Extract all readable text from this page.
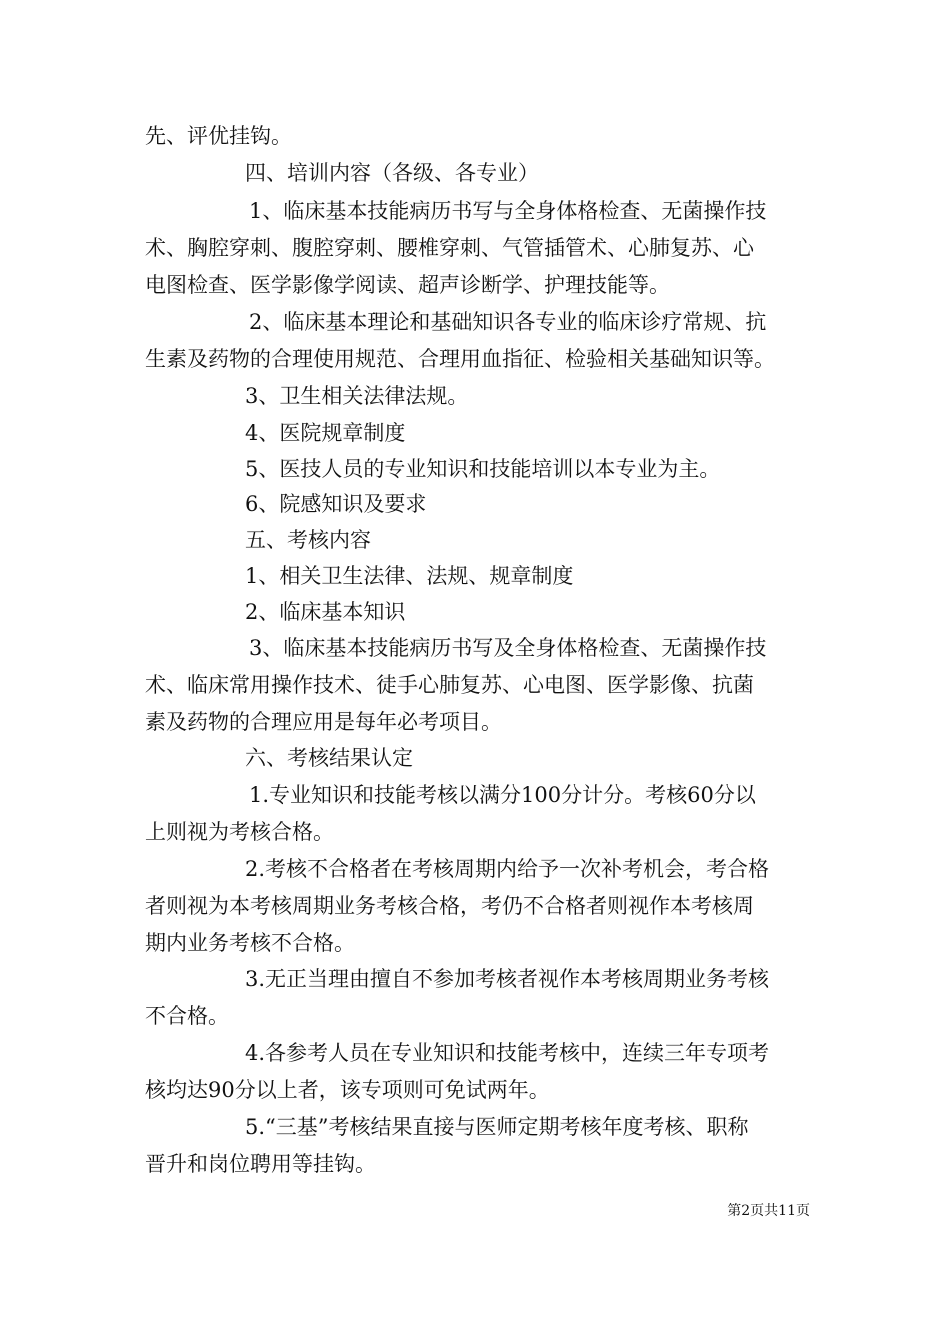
先、评优挂钩。
四、培训内容（各级、各专业）
1、临床基本技能病历书写与全身体格检查、无菌操作技
术、胸腔穿刺、腹腔穿刺、腰椎穿刺、气管插管术、心肺复苏、心
电图检查、医学影像学阅读、超声诊断学、护理技能等。
2、临床基本理论和基础知识各专业的临床诊疗常规、抗
生素及药物的合理使用规范、合理用血指征、检验相关基础知识等。
3、卫生相关法律法规。
4、医院规章制度
5、医技人员的专业知识和技能培训以本专业为主。
6、院感知识及要求
五、考核内容
1、相关卫生法律、法规、规章制度
2、临床基本知识
3、临床基本技能病历书写及全身体格检查、无菌操作技
术、临床常用操作技术、徒手心肺复苏、心电图、医学影像、抗菌
素及药物的合理应用是每年必考项目。
六、考核结果认定
1.专业知识和技能考核以满分100分计分。考核60分以
上则视为考核合格。
2.考核不合格者在考核周期内给予一次补考机会，考合格
者则视为本考核周期业务考核合格，考仍不合格者则视作本考核周
期内业务考核不合格。
3.无正当理由擅自不参加考核者视作本考核周期业务考核
不合格。
4.各参考人员在专业知识和技能考核中，连续三年专项考
核均达90分以上者，该专项则可免试两年。
5.“三基”考核结果直接与医师定期考核年度考核、职称
晋升和岗位聘用等挂钩。
第2页共11页
